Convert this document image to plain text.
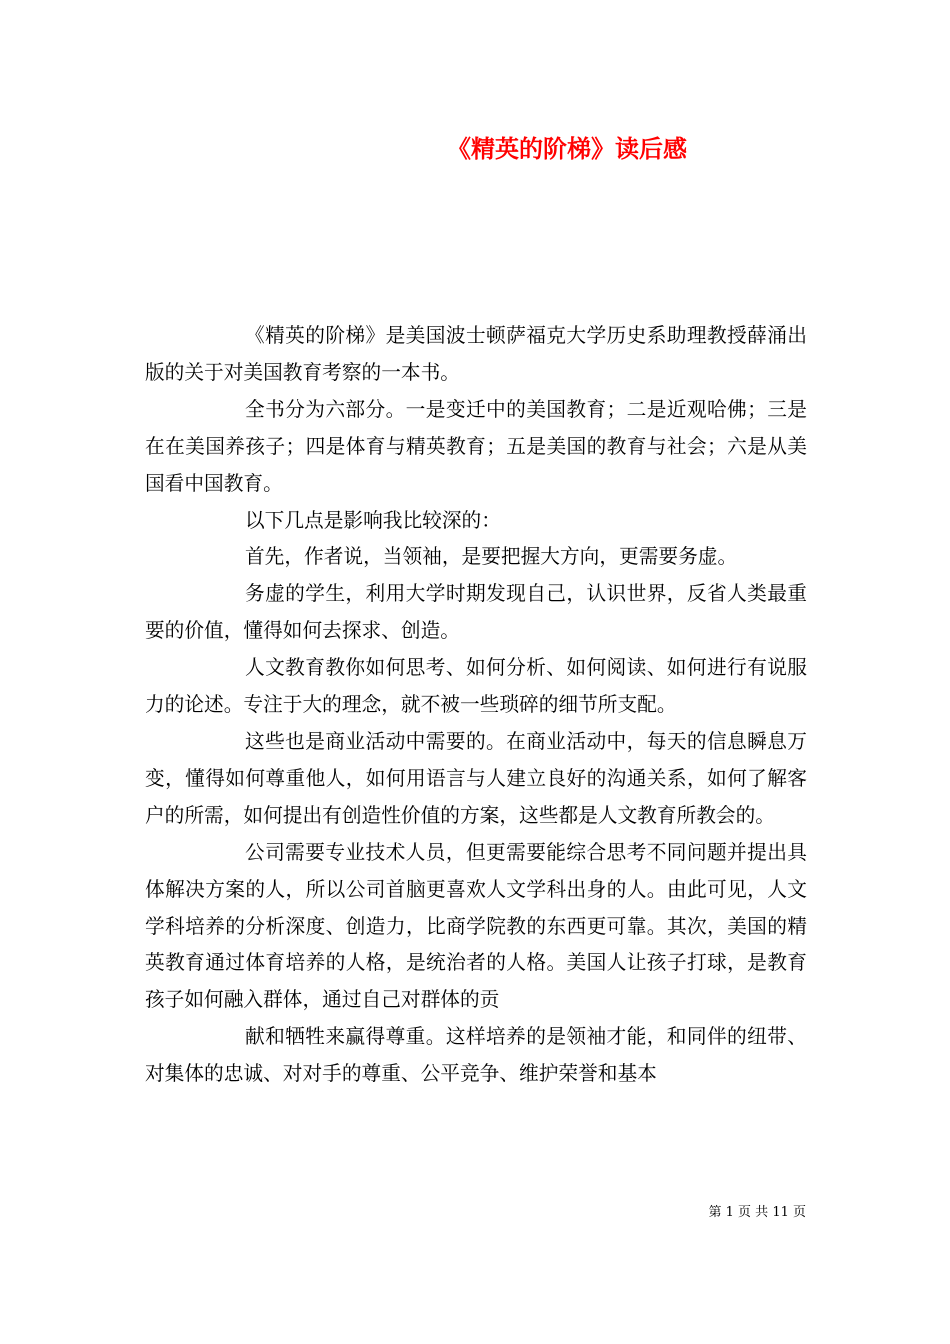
《精英的阶梯》读后感

《精英的阶梯》是美国波士顿萨福克大学历史系助理教授薛涌出版的关于对美国教育考察的一本书。

全书分为六部分。一是变迁中的美国教育；二是近观哈佛；三是在在美国养孩子；四是体育与精英教育；五是美国的教育与社会；六是从美国看中国教育。

以下几点是影响我比较深的：

首先，作者说，当领袖，是要把握大方向，更需要务虚。

务虚的学生，利用大学时期发现自己，认识世界，反省人类最重要的价值，懂得如何去探求、创造。

人文教育教你如何思考、如何分析、如何阅读、如何进行有说服力的论述。专注于大的理念，就不被一些琐碎的细节所支配。

这些也是商业活动中需要的。在商业活动中，每天的信息瞬息万变，懂得如何尊重他人，如何用语言与人建立良好的沟通关系，如何了解客户的所需，如何提出有创造性价值的方案，这些都是人文教育所教会的。

公司需要专业技术人员，但更需要能综合思考不同问题并提出具体解决方案的人，所以公司首脑更喜欢人文学科出身的人。由此可见，人文学科培养的分析深度、创造力，比商学院教的东西更可靠。其次，美国的精英教育通过体育培养的人格，是统治者的人格。美国人让孩子打球，是教育孩子如何融入群体，通过自己对群体的贡

献和牺牲来赢得尊重。这样培养的是领袖才能，和同伴的纽带、对集体的忠诚、对对手的尊重、公平竞争、维护荣誉和基本

第 1 页 共 11 页
